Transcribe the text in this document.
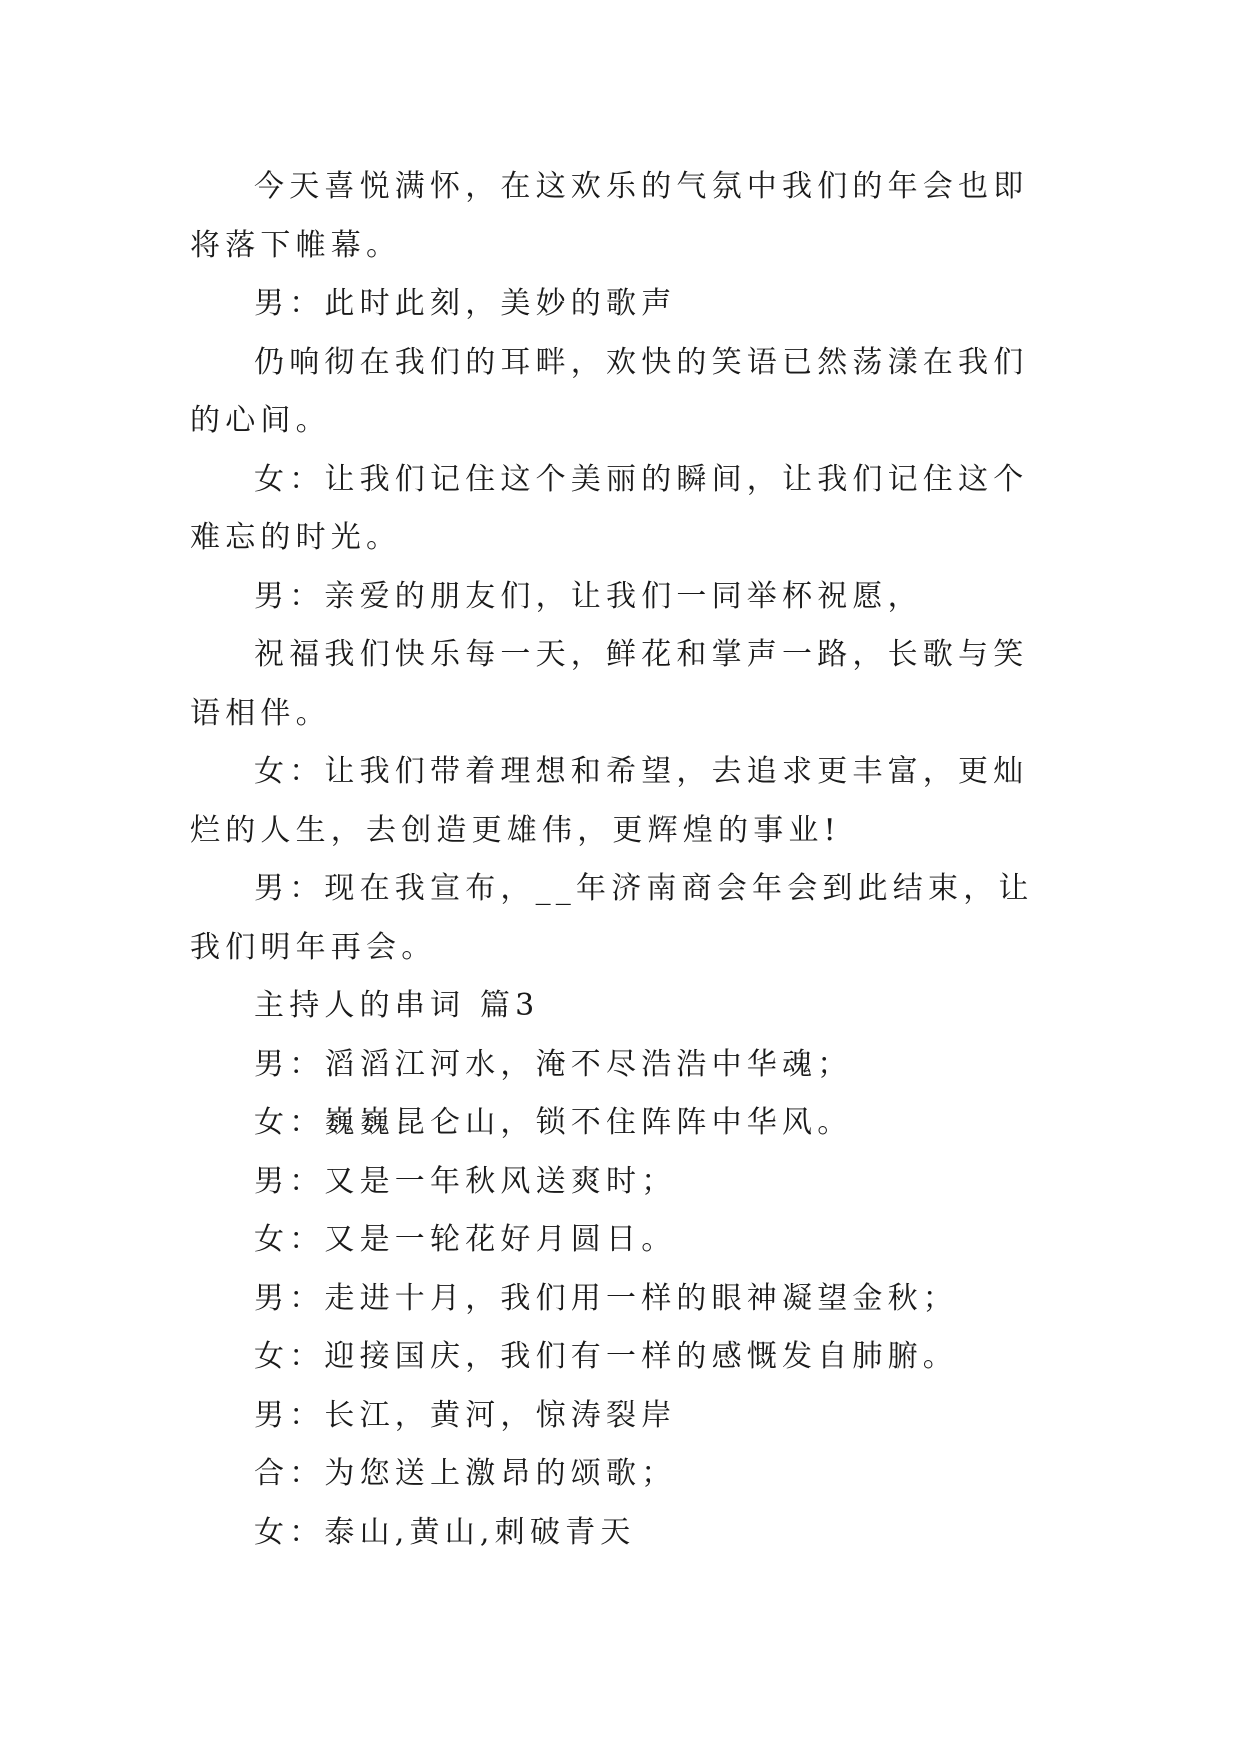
今天喜悦满怀，在这欢乐的气氛中我们的年会也即将落下帷幕。

男：此时此刻，美妙的歌声

仍响彻在我们的耳畔，欢快的笑语已然荡漾在我们的心间。

女：让我们记住这个美丽的瞬间，让我们记住这个难忘的时光。

男：亲爱的朋友们，让我们一同举杯祝愿，

祝福我们快乐每一天，鲜花和掌声一路，长歌与笑语相伴。

女：让我们带着理想和希望，去追求更丰富，更灿烂的人生，去创造更雄伟，更辉煌的事业!

男：现在我宣布，__年济南商会年会到此结束，让我们明年再会。

主持人的串词 篇3

男：滔滔江河水，淹不尽浩浩中华魂；

女：巍巍昆仑山，锁不住阵阵中华风。

男：又是一年秋风送爽时；

女：又是一轮花好月圆日。

男：走进十月，我们用一样的眼神凝望金秋；

女：迎接国庆，我们有一样的感慨发自肺腑。

男：长江，黄河，惊涛裂岸

合：为您送上激昂的颂歌；

女：泰山,黄山,刺破青天
